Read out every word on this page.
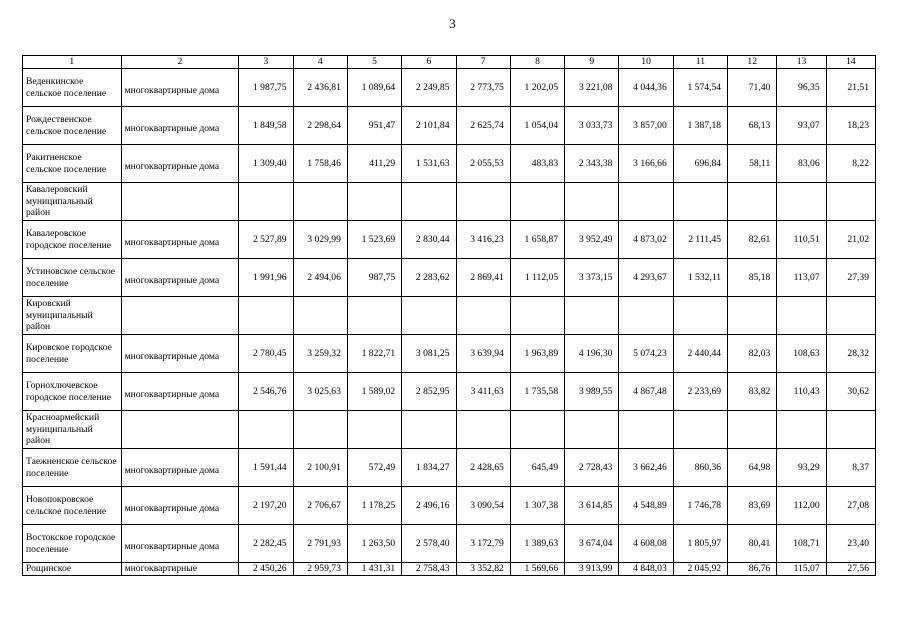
3
1	2	3	4	5	6	7	8	9	10	11	12	13	14
Веденкинское сельское поселение	многоквартирные дома	1 987,75	2 436,81	1 089,64	2 249,85	2 773,75	1 202,05	3 221,08	4 044,36	1 574,54	71,40	96,35	21,51
Рождественское сельское поселение	многоквартирные дома	1 849,58	2 298,64	951,47	2 101,84	2 625,74	1 054,04	3 033,73	3 857,00	1 387,18	68,13	93,07	18,23
Ракитненское сельское поселение	многоквартирные дома	1 309,40	1 758,46	411,29	1 531,63	2 055,53	483,83	2 343,38	3 166,66	696,84	58,11	83,06	8,22
Кавалеровский муниципальный район													
Кавалеровское городское поселение	многоквартирные дома	2 527,89	3 029,99	1 523,69	2 830,44	3 416,23	1 658,87	3 952,49	4 873,02	2 111,45	82,61	110,51	21,02
Устиновское сельское поселение	многоквартирные дома	1 991,96	2 494,06	987,75	2 283,62	2 869,41	1 112,05	3 373,15	4 293,67	1 532,11	85,18	113,07	27,39
Кировский муниципальный район													
Кировское городское поселение	многоквартирные дома	2 780,45	3 259,32	1 822,71	3 081,25	3 639,94	1 963,89	4 196,30	5 074,23	2 440,44	82,03	108,63	28,32
Горнохлючевское городское поселение	многоквартирные дома	2 546,76	3 025,63	1 589,02	2 852,95	3 411,63	1 735,58	3 989,55	4 867,48	2 233,69	83,82	110,43	30,62
Красноармейский муниципальный район													
Таежненское сельское поселение	многоквартирные дома	1 591,44	2 100,91	572,49	1 834,27	2 428,65	645,49	2 728,43	3 662,46	860,36	64,98	93,29	8,37
Новопокровское сельское поселение	многоквартирные дома	2 197,20	2 706,67	1 178,25	2 496,16	3 090,54	1 307,38	3 614,85	4 548,89	1 746,78	83,69	112,00	27,08
Востокское городское поселение	многоквартирные дома	2 282,45	2 791,93	1 263,50	2 578,40	3 172,79	1 389,63	3 674,04	4 608,08	1 805,97	80,41	108,71	23,40
Рощинское	многоквартирные	2 450,26	2 959,73	1 431,31	2 758,43	3 352,82	1 569,66	3 913,99	4 848,03	2 045,92	86,76	115,07	27,56
